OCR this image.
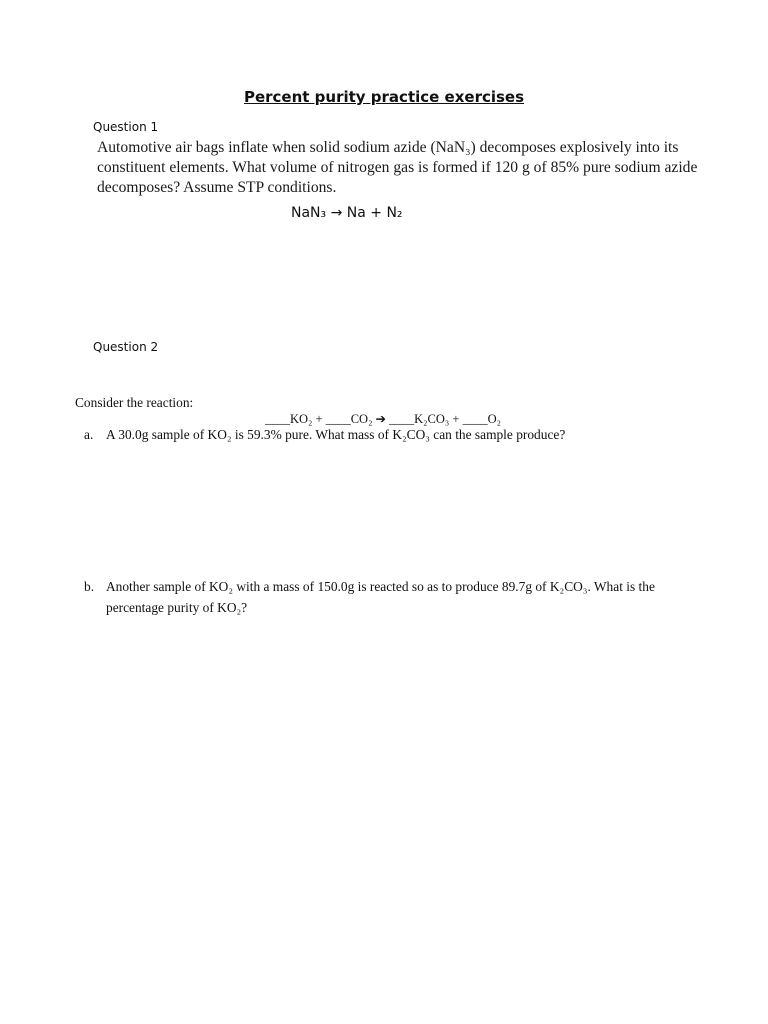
Percent purity practice exercises
Question 1
Automotive air bags inflate when solid sodium azide (NaN₃) decomposes explosively into its
constituent elements. What volume of nitrogen gas is formed if 120 g of 85% pure sodium azide
decomposes? Assume STP conditions.
NaN₃ → Na + N₂
Question 2
Consider the reaction:
____KO₂ + ____CO₂ ➔ ____K₂CO₃ + ____O₂
a. A 30.0g sample of KO₂ is 59.3% pure. What mass of K₂CO₃ can the sample produce?
b. Another sample of KO₂ with a mass of 150.0g is reacted so as to produce 89.7g of K₂CO₃. What is the
percentage purity of KO₂?
